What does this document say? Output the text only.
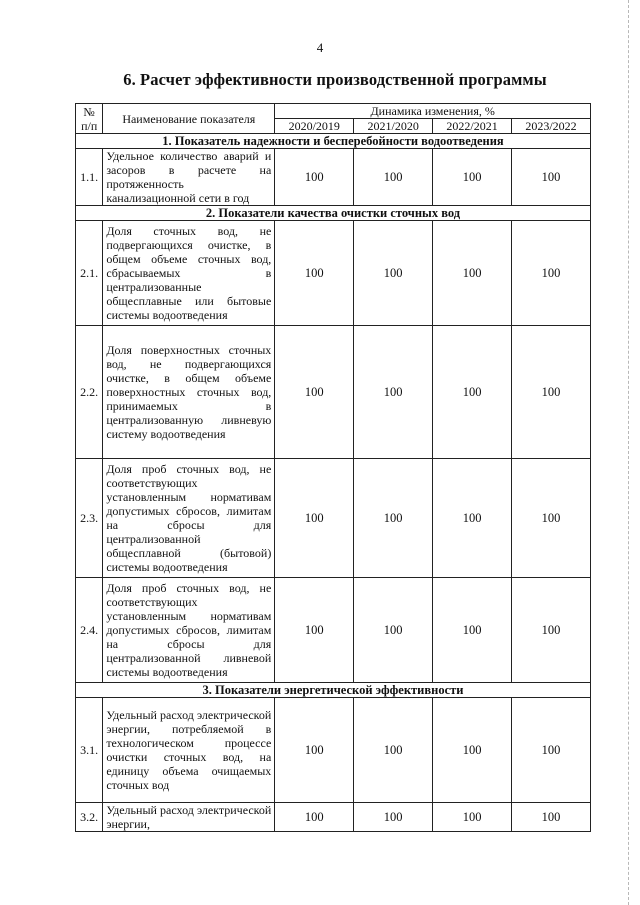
4
6. Расчет эффективности производственной программы
№ п/п	Наименование показателя	Динамика изменения, %			
		2020/2019	2021/2020	2022/2021	2023/2022
1. Показатель надежности и бесперебойности водоотведения					
1.1.	Удельное количество аварий и засоров в расчете на протяженность канализационной сети в год	100	100	100	100
2. Показатели качества очистки сточных вод					
2.1.	Доля сточных вод, не подвергающихся очистке, в общем объеме сточных вод, сбрасываемых в централизованные общесплавные или бытовые системы водоотведения	100	100	100	100
2.2.	Доля поверхностных сточных вод, не подвергающихся очистке, в общем объеме поверхностных сточных вод, принимаемых в централизованную ливневую систему водоотведения	100	100	100	100
2.3.	Доля проб сточных вод, не соответствующих установленным нормативам допустимых сбросов, лимитам на сбросы для централизованной общесплавной (бытовой) системы водоотведения	100	100	100	100
2.4.	Доля проб сточных вод, не соответствующих установленным нормативам допустимых сбросов, лимитам на сбросы для централизованной ливневой системы водоотведения	100	100	100	100
3. Показатели энергетической эффективности					
3.1.	Удельный расход электрической энергии, потребляемой в технологическом процессе очистки сточных вод, на единицу объема очищаемых сточных вод	100	100	100	100
3.2.	Удельный расход электрической энергии,	100	100	100	100
